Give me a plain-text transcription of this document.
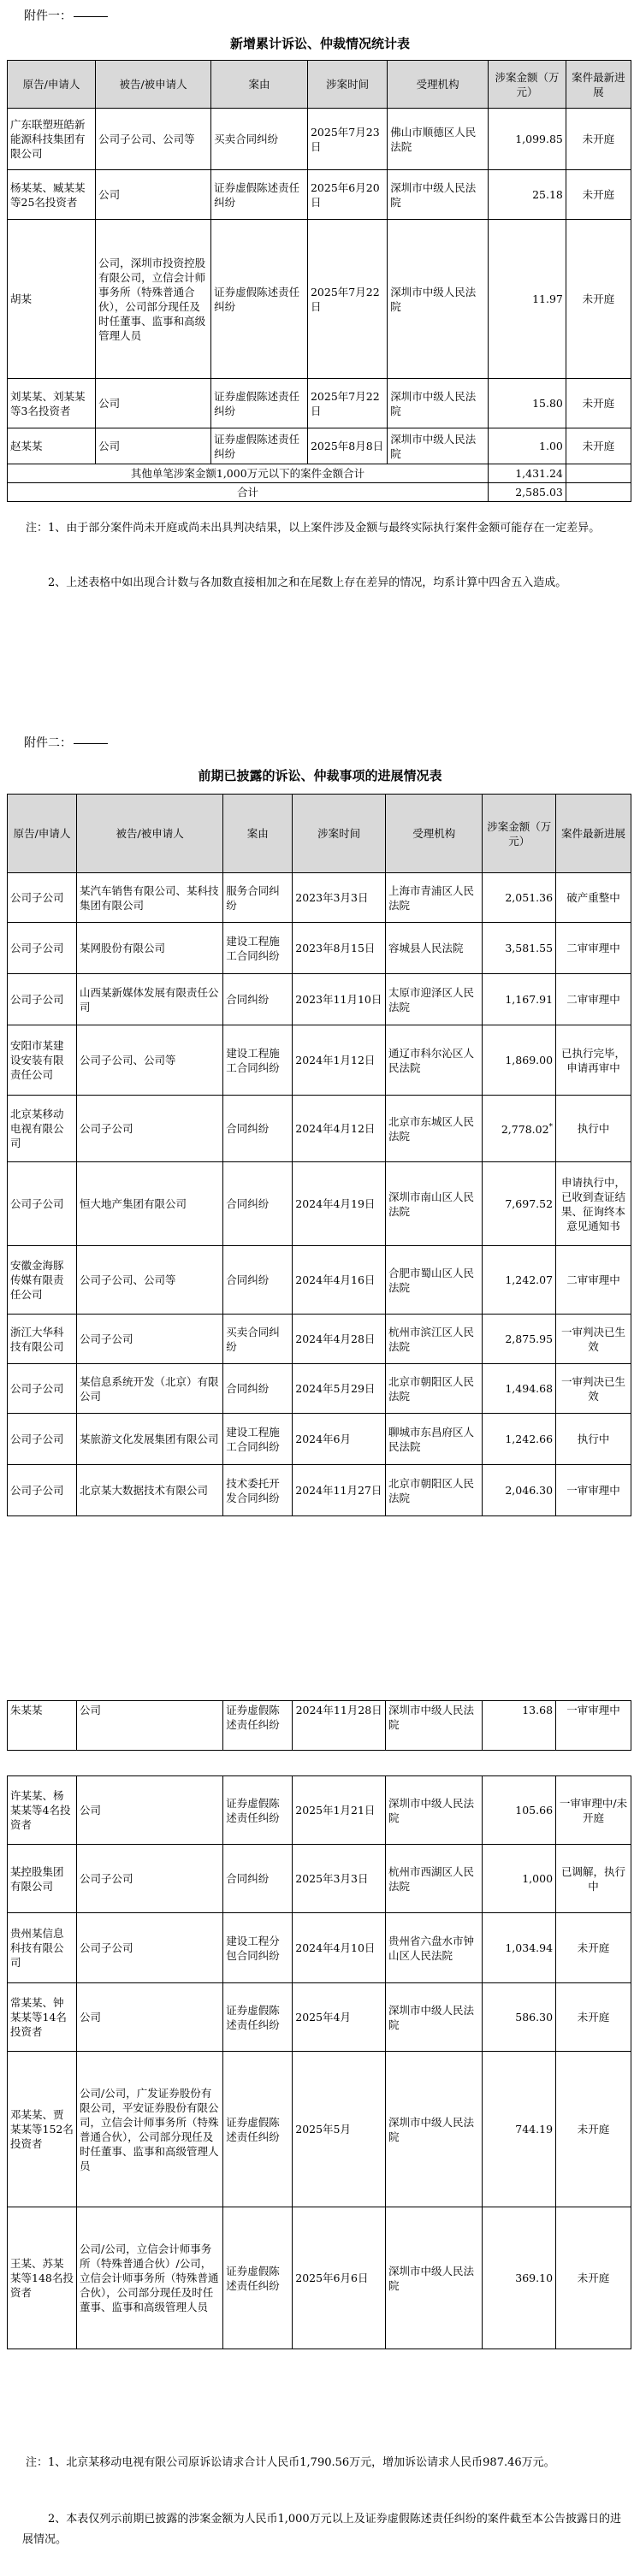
附件一：
新增累计诉讼、仲裁情况统计表
原告/申请人	被告/被申请人	案由	涉案时间	受理机构	涉案金额（万元）	案件最新进展
广东联塑班皓新能源科技集团有限公司	公司子公司、公司等	买卖合同纠纷	2025年7月23日	佛山市顺德区人民法院	1,099.85	未开庭
杨某某、臧某某等25名投资者	公司	证券虚假陈述责任纠纷	2025年6月20日	深圳市中级人民法院	25.18	未开庭
胡某	公司，深圳市投资控股有限公司，立信会计师事务所（特殊普通合伙），公司部分现任及时任董事、监事和高级管理人员	证券虚假陈述责任纠纷	2025年7月22日	深圳市中级人民法院	11.97	未开庭
刘某某、刘某某等3名投资者	公司	证券虚假陈述责任纠纷	2025年7月22日	深圳市中级人民法院	15.80	未开庭
赵某某	公司	证券虚假陈述责任纠纷	2025年8月8日	深圳市中级人民法院	1.00	未开庭
其他单笔涉案金额1,000万元以下的案件金额合计					1,431.24	
合计					2,585.03	
注：1、由于部分案件尚未开庭或尚未出具判决结果，以上案件涉及金额与最终实际执行案件金额可能存在一定差异。
2、上述表格中如出现合计数与各加数直接相加之和在尾数上存在差异的情况，均系计算中四舍五入造成。
附件二：
前期已披露的诉讼、仲裁事项的进展情况表
原告/申请人	被告/被申请人	案由	涉案时间	受理机构	涉案金额（万元）	案件最新进展
公司子公司	某汽车销售有限公司、某科技集团有限公司	服务合同纠纷	2023年3月3日	上海市青浦区人民法院	2,051.36	破产重整中
公司子公司	某网股份有限公司	建设工程施工合同纠纷	2023年8月15日	容城县人民法院	3,581.55	二审审理中
公司子公司	山西某新媒体发展有限责任公司	合同纠纷	2023年11月10日	太原市迎泽区人民法院	1,167.91	二审审理中
安阳市某建设安装有限责任公司	公司子公司、公司等	建设工程施工合同纠纷	2024年1月12日	通辽市科尔沁区人民法院	1,869.00	已执行完毕，申请再审中
北京某移动电视有限公司	公司子公司	合同纠纷	2024年4月12日	北京市东城区人民法院	2,778.02*	执行中
公司子公司	恒大地产集团有限公司	合同纠纷	2024年4月19日	深圳市南山区人民法院	7,697.52	申请执行中，已收到查证结果、征询终本意见通知书
安徽金海豚传媒有限责任公司	公司子公司、公司等	合同纠纷	2024年4月16日	合肥市蜀山区人民法院	1,242.07	二审审理中
浙江大华科技有限公司	公司子公司	买卖合同纠纷	2024年4月28日	杭州市滨江区人民法院	2,875.95	一审判决已生效
公司子公司	某信息系统开发（北京）有限公司	合同纠纷	2024年5月29日	北京市朝阳区人民法院	1,494.68	一审判决已生效
公司子公司	某旅游文化发展集团有限公司	建设工程施工合同纠纷	2024年6月	聊城市东昌府区人民法院	1,242.66	执行中
公司子公司	北京某大数据技术有限公司	技术委托开发合同纠纷	2024年11月27日	北京市朝阳区人民法院	2,046.30	一审审理中
朱某某	公司	证券虚假陈述责任纠纷	2024年11月28日	深圳市中级人民法院	13.68	一审审理中
许某某、杨某某等4名投资者	公司	证券虚假陈述责任纠纷	2025年1月21日	深圳市中级人民法院	105.66	一审审理中/未开庭
某控股集团有限公司	公司子公司	合同纠纷	2025年3月3日	杭州市西湖区人民法院	1,000	已调解，执行中
贵州某信息科技有限公司	公司子公司	建设工程分包合同纠纷	2024年4月10日	贵州省六盘水市钟山区人民法院	1,034.94	未开庭
常某某、钟某某等14名投资者	公司	证券虚假陈述责任纠纷	2025年4月	深圳市中级人民法院	586.30	未开庭
邓某某、贾某某等152名投资者	公司/公司，广发证券股份有限公司，平安证券股份有限公司，立信会计师事务所（特殊普通合伙），公司部分现任及时任董事、监事和高级管理人员	证券虚假陈述责任纠纷	2025年5月	深圳市中级人民法院	744.19	未开庭
王某、苏某某等148名投资者	公司/公司，立信会计师事务所（特殊普通合伙）/公司，立信会计师事务所（特殊普通合伙），公司部分现任及时任董事、监事和高级管理人员	证券虚假陈述责任纠纷	2025年6月6日	深圳市中级人民法院	369.10	未开庭
注：1、北京某移动电视有限公司原诉讼请求合计人民币1,790.56万元，增加诉讼请求人民币987.46万元。
2、本表仅列示前期已披露的涉案金额为人民币1,000万元以上及证券虚假陈述责任纠纷的案件截至本公告披露日的进展情况。
